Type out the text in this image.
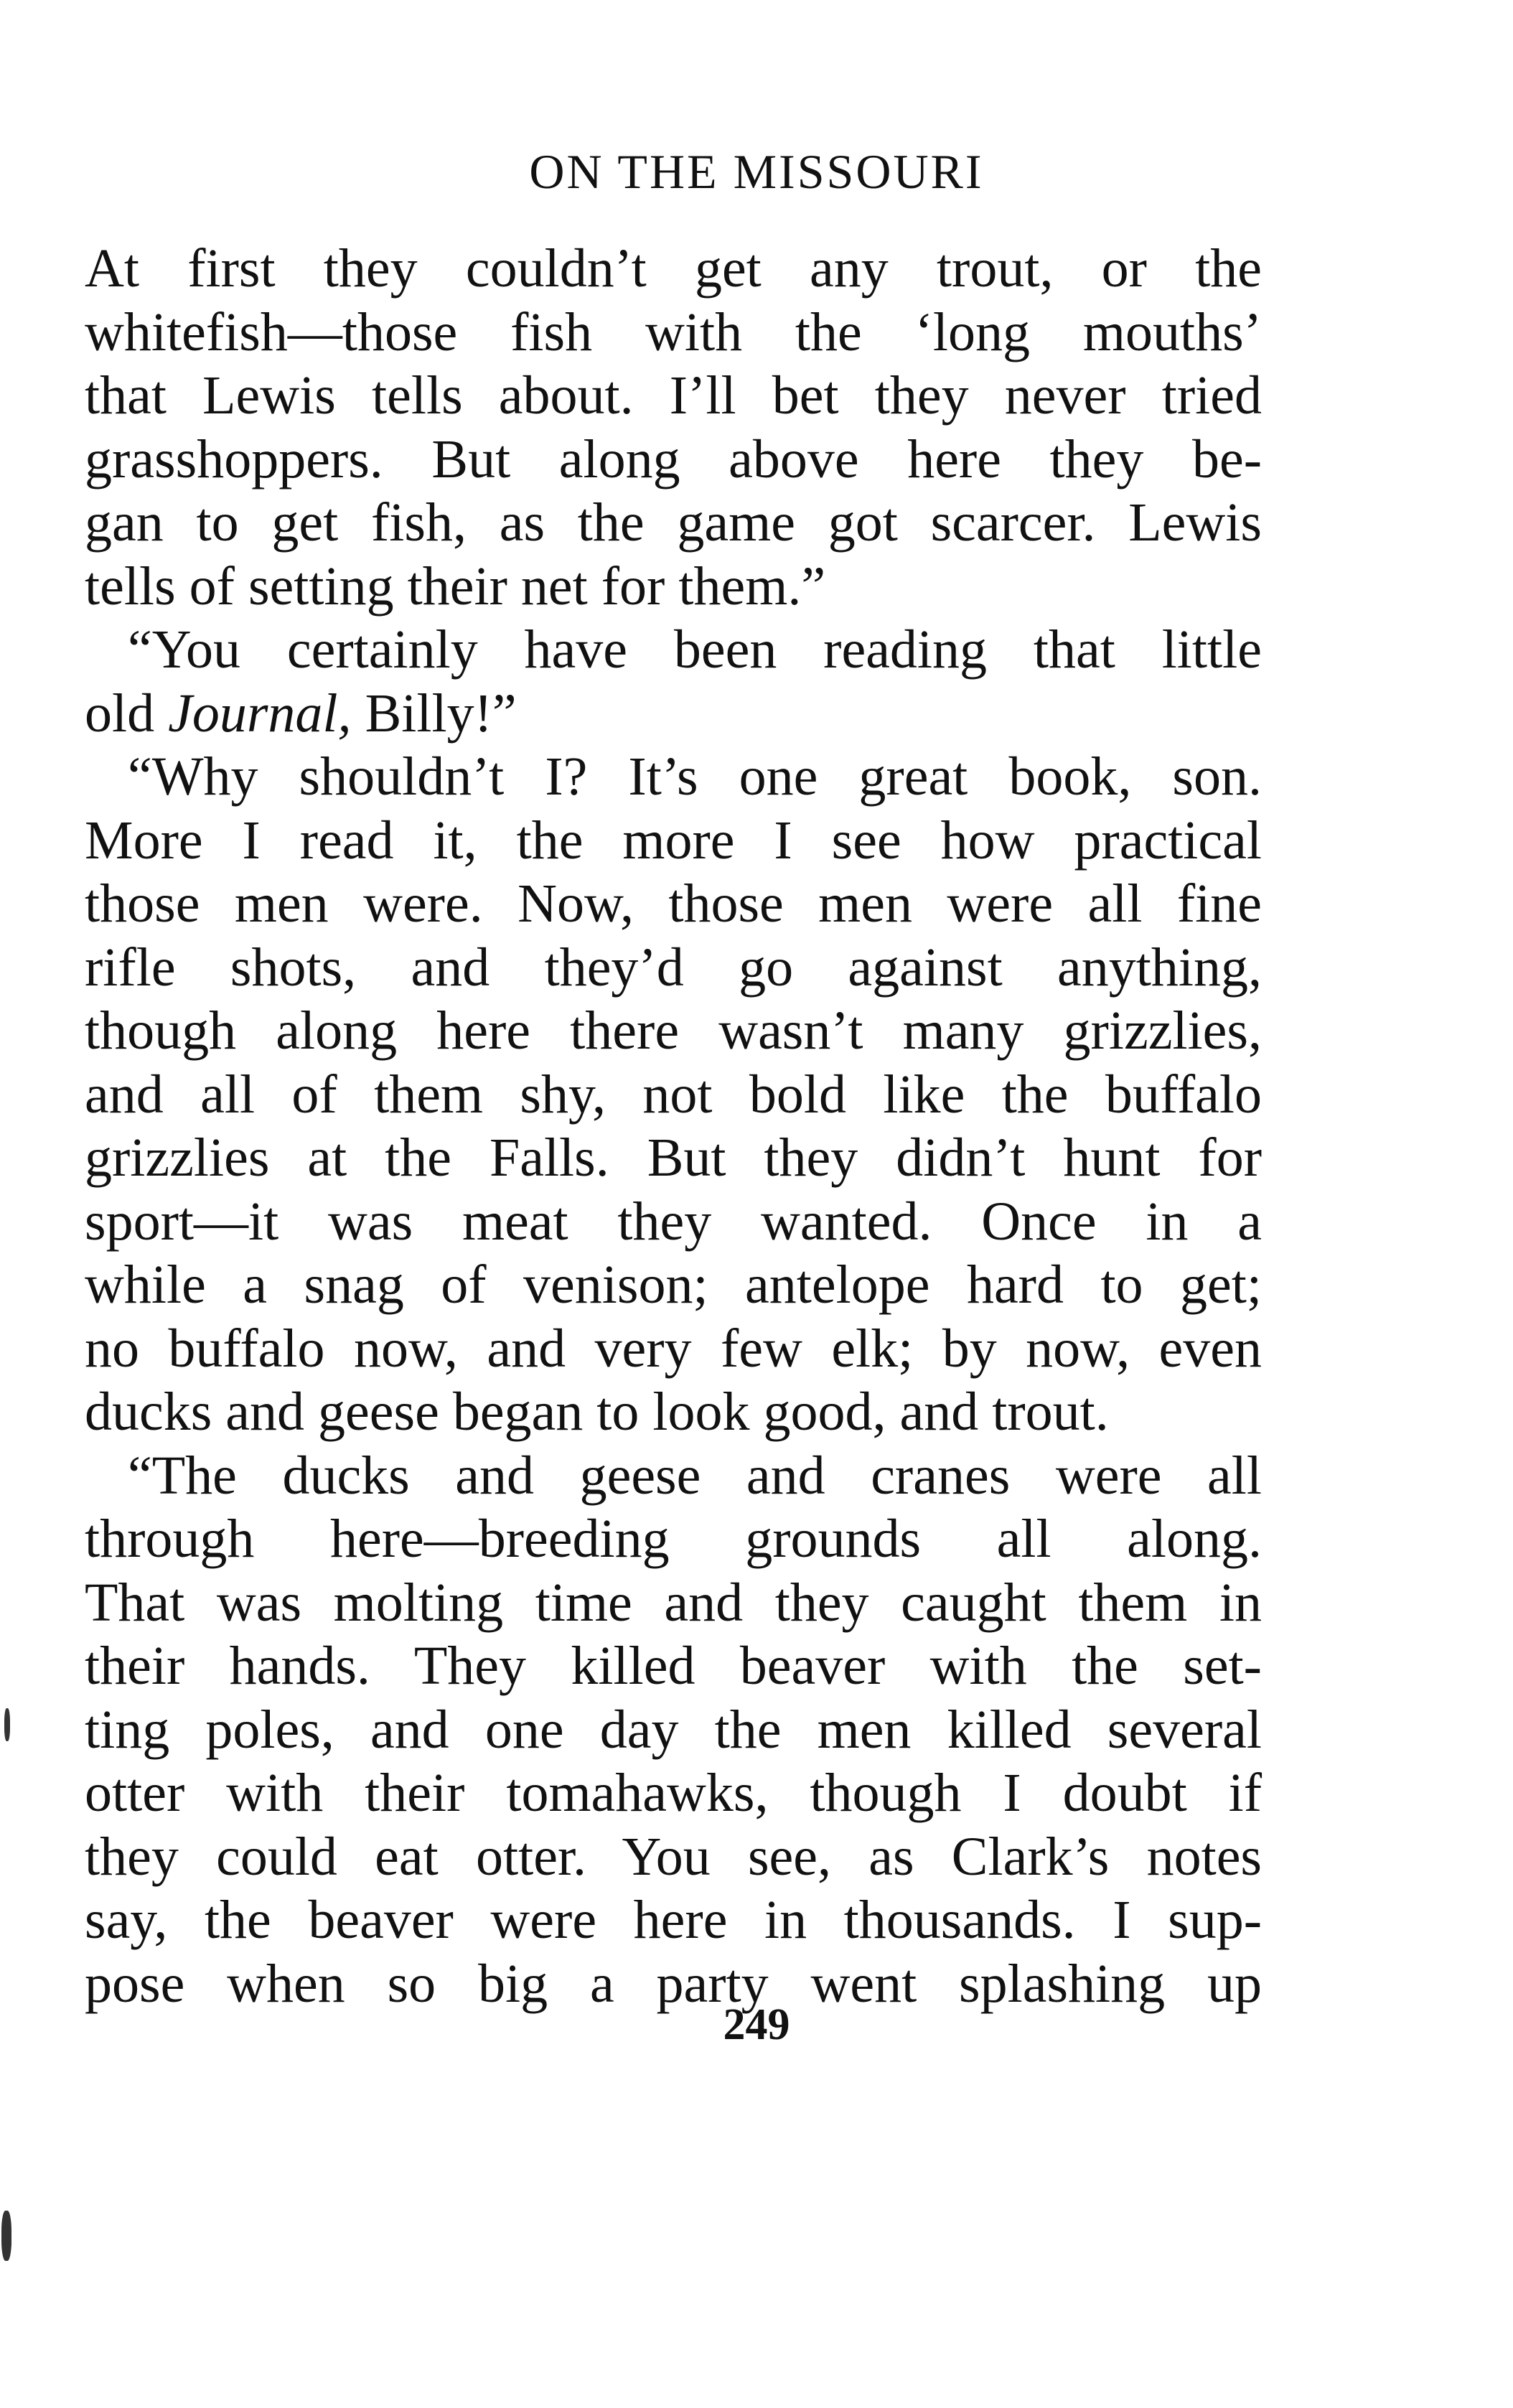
ON THE MISSOURI
At first they couldn’t get any trout, or the
whitefish—those fish with the ‘long mouths’
that Lewis tells about. I’ll bet they never tried
grasshoppers. But along above here they be-
gan to get fish, as the game got scarcer. Lewis
tells of setting their net for them.”
“You certainly have been reading that little
old Journal, Billy!”
“Why shouldn’t I? It’s one great book, son.
More I read it, the more I see how practical
those men were. Now, those men were all fine
rifle shots, and they’d go against anything,
though along here there wasn’t many grizzlies,
and all of them shy, not bold like the buffalo
grizzlies at the Falls. But they didn’t hunt for
sport—it was meat they wanted. Once in a
while a snag of venison; antelope hard to get;
no buffalo now, and very few elk; by now, even
ducks and geese began to look good, and trout.
“The ducks and geese and cranes were all
through here—breeding grounds all along.
That was molting time and they caught them in
their hands. They killed beaver with the set-
ting poles, and one day the men killed several
otter with their tomahawks, though I doubt if
they could eat otter. You see, as Clark’s notes
say, the beaver were here in thousands. I sup-
pose when so big a party went splashing up
249
